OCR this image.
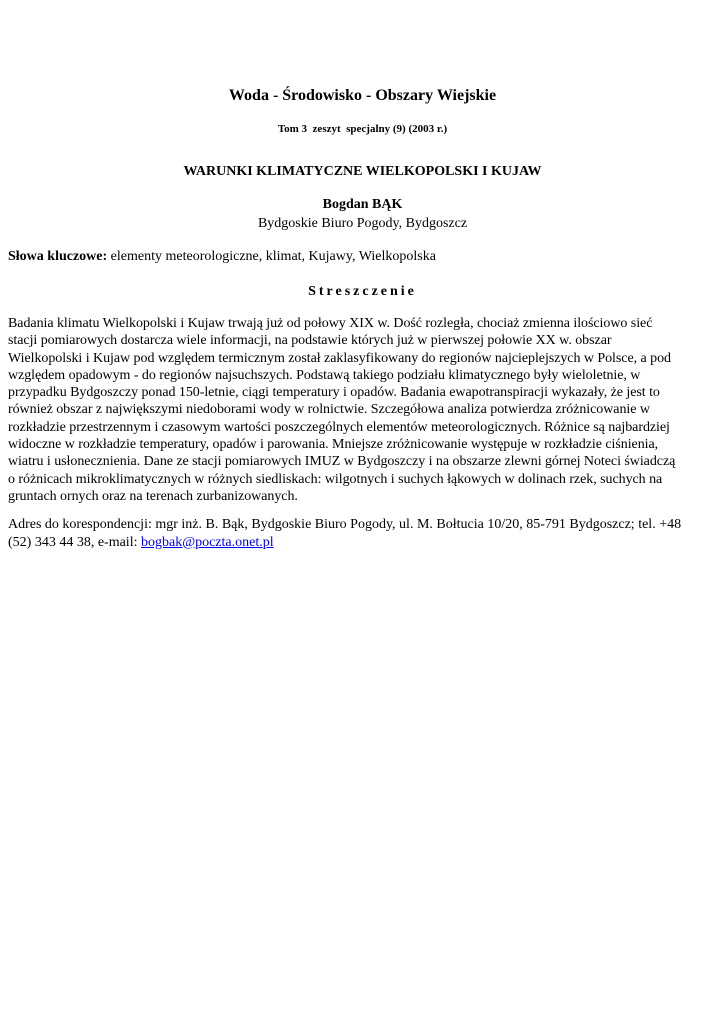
Woda - Środowisko - Obszary Wiejskie
Tom 3  zeszyt  specjalny (9) (2003 r.)
WARUNKI KLIMATYCZNE WIELKOPOLSKI I KUJAW
Bogdan BĄK
Bydgoskie Biuro Pogody, Bydgoszcz
Słowa kluczowe: elementy meteorologiczne, klimat, Kujawy, Wielkopolska
Streszczenie
Badania klimatu Wielkopolski i Kujaw trwają już od połowy XIX w. Dość rozległa, chociaż zmienna ilościowo sieć
stacji pomiarowych dostarcza wiele informacji, na podstawie których już w pierwszej połowie XX w. obszar
Wielkopolski i Kujaw pod względem termicznym został zaklasyfikowany do regionów najcieplejszych w Polsce, a pod
względem opadowym - do regionów najsuchszych. Podstawą takiego podziału klimatycznego były wieloletnie, w
przypadku Bydgoszczy ponad 150-letnie, ciągi temperatury i opadów. Badania ewapotranspiracji wykazały, że jest to
również obszar z największymi niedoborami wody w rolnictwie. Szczegółowa analiza potwierdza zróżnicowanie w
rozkładzie przestrzennym i czasowym wartości poszczególnych elementów meteorologicznych. Różnice są najbardziej
widoczne w rozkładzie temperatury, opadów i parowania. Mniejsze zróżnicowanie występuje w rozkładzie ciśnienia,
wiatru i usłonecznienia. Dane ze stacji pomiarowych IMUZ w Bydgoszczy i na obszarze zlewni górnej Noteci świadczą
o różnicach mikroklimatycznych w różnych siedliskach: wilgotnych i suchych łąkowych w dolinach rzek, suchych na
gruntach ornych oraz na terenach zurbanizowanych.
Adres do korespondencji: mgr inż. B. Bąk, Bydgoskie Biuro Pogody, ul. M. Bołtucia 10/20, 85-791 Bydgoszcz; tel. +48
(52) 343 44 38, e-mail: bogbak@poczta.onet.pl
